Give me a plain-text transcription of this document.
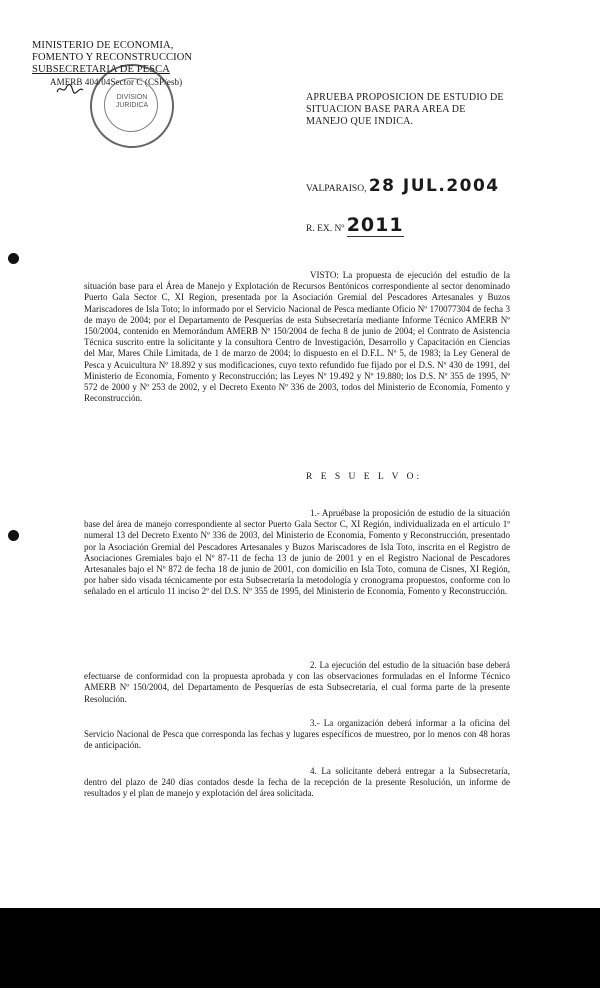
MINISTERIO DE ECONOMIA,
FOMENTO Y RECONSTRUCCION
SUBSECRETARIA DE PESCA
AMERB 404/04Sector C (CSP/esb)
DIVISION
JURIDICA
APRUEBA PROPOSICION DE ESTUDIO DE SITUACION BASE PARA AREA DE MANEJO QUE INDICA.
VALPARAISO, 28 JUL.2004
R. EX. Nº 2011
VISTO: La propuesta de ejecución del estudio de la situación base para el Área de Manejo y Explotación de Recursos Bentónicos correspondiente al sector denominado Puerto Gala Sector C, XI Region, presentada por la Asociación Gremial del Pescadores Artesanales y Buzos Mariscadores de Isla Toto; lo informado por el Servicio Nacional de Pesca mediante Oficio Nº 170077304 de fecha 3 de mayo de 2004; por el Departamento de Pesquerías de esta Subsecretaría mediante Informe Técnico AMERB Nº 150/2004, contenido en Memorándum AMERB Nº 150/2004 de fecha 8 de junio de 2004; el Contrato de Asistencia Técnica suscrito entre la solicitante y la consultora Centro de Investigación, Desarrollo y Capacitación en Ciencias del Mar, Mares Chile Limitada, de 1 de marzo de 2004; lo dispuesto en el D.F.L. Nº 5, de 1983; la Ley General de Pesca y Acuicultura Nº 18.892 y sus modificaciones, cuyo texto refundido fue fijado por el D.S. Nº 430 de 1991, del Ministerio de Economía, Fomento y Reconstrucción; las Leyes Nº 19.492 y Nº 19.880; los D.S. Nº 355 de 1995, Nº 572 de 2000 y Nº 253 de 2002, y el Decreto Exento Nº 336 de 2003, todos del Ministerio de Economía, Fomento y Reconstrucción.
R E S U E L V O:
1.- Apruébase la proposición de estudio de la situación base del área de manejo correspondiente al sector Puerto Gala Sector C, XI Región, individualizada en el artículo 1º numeral 13 del Decreto Exento Nº 336 de 2003, del Ministerio de Economía, Fomento y Reconstrucción, presentado por la Asociación Gremial del Pescadores Artesanales y Buzos Mariscadores de Isla Toto, inscrita en el Registro de Asociaciones Gremiales bajo el Nº 87-11 de fecha 13 de junio de 2001 y en el Registro Nacional de Pescadores Artesanales bajo el Nº 872 de fecha 18 de junio de 2001, con domicilio en Isla Toto, comuna de Cisnes, XI Región, por haber sido visada técnicamente por esta Subsecretaría la metodología y cronograma propuestos, conforme con lo señalado en el artículo 11 inciso 2º del D.S. Nº 355 de 1995, del Ministerio de Economía, Fomento y Reconstrucción.
2. La ejecución del estudio de la situación base deberá efectuarse de conformidad con la propuesta aprobada y con las observaciones formuladas en el Informe Técnico AMERB Nº 150/2004, del Departamento de Pesquerías de esta Subsecretaría, el cual forma parte de la presente Resolución.
3.- La organización deberá informar a la oficina del Servicio Nacional de Pesca que corresponda las fechas y lugares específicos de muestreo, por lo menos con 48 horas de anticipación.
4. La solicitante deberá entregar a la Subsecretaría, dentro del plazo de 240 días contados desde la fecha de la recepción de la presente Resolución, un informe de resultados y el plan de manejo y explotación del área solicitada.
